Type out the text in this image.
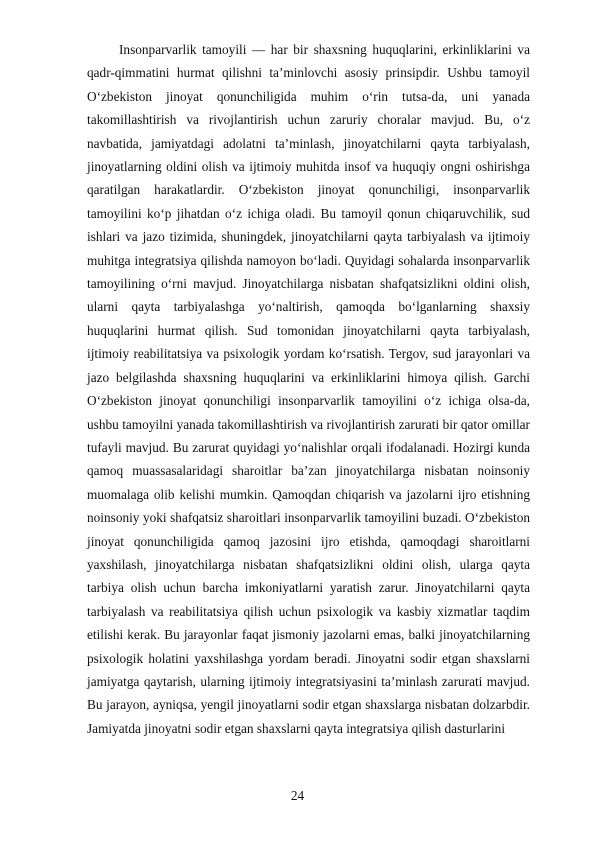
Insonparvarlik tamoyili — har bir shaxsning huquqlarini, erkinliklarini va qadr-qimmatini hurmat qilishni taʼminlovchi asosiy prinsipdir. Ushbu tamoyil Oʻzbekiston jinoyat qonunchiligida muhim oʻrin tutsa-da, uni yanada takomillashtirish va rivojlantirish uchun zaruriy choralar mavjud. Bu, oʻz navbatida, jamiyatdagi adolatni taʼminlash, jinoyatchilarni qayta tarbiyalash, jinoyatlarning oldini olish va ijtimoiy muhitda insof va huquqiy ongni oshirishga qaratilgan harakatlardir. Oʻzbekiston jinoyat qonunchiligi, insonparvarlik tamoyilini koʻp jihatdan oʻz ichiga oladi. Bu tamoyil qonun chiqaruvchilik, sud ishlari va jazo tizimida, shuningdek, jinoyatchilarni qayta tarbiyalash va ijtimoiy muhitga integratsiya qilishda namoyon boʻladi. Quyidagi sohalarda insonparvarlik tamoyilining oʻrni mavjud. Jinoyatchilarga nisbatan shafqatsizlikni oldini olish, ularni qayta tarbiyalashga yoʻnaltirish, qamoqda boʻlganlarning shaxsiy huquqlarini hurmat qilish. Sud tomonidan jinoyatchilarni qayta tarbiyalash, ijtimoiy reabilitatsiya va psixologik yordam koʻrsatish. Tergov, sud jarayonlari va jazo belgilashda shaxsning huquqlarini va erkinliklarini himoya qilish. Garchi Oʻzbekiston jinoyat qonunchiligi insonparvarlik tamoyilini oʻz ichiga olsa-da, ushbu tamoyilni yanada takomillashtirish va rivojlantirish zarurati bir qator omillar tufayli mavjud. Bu zarurat quyidagi yoʻnalishlar orqali ifodalanadi. Hozirgi kunda qamoq muassasalaridagi sharoitlar baʼzan jinoyatchilarga nisbatan noinsoniy muomalaga olib kelishi mumkin. Qamoqdan chiqarish va jazolarni ijro etishning noinsoniy yoki shafqatsiz sharoitlari insonparvarlik tamoyilini buzadi. Oʻzbekiston jinoyat qonunchiligida qamoq jazosini ijro etishda, qamoqdagi sharoitlarni yaxshilash, jinoyatchilarga nisbatan shafqatsizlikni oldini olish, ularga qayta tarbiya olish uchun barcha imkoniyatlarni yaratish zarur. Jinoyatchilarni qayta tarbiyalash va reabilitatsiya qilish uchun psixologik va kasbiy xizmatlar taqdim etilishi kerak. Bu jarayonlar faqat jismoniy jazolarni emas, balki jinoyatchilarning psixologik holatini yaxshilashga yordam beradi. Jinoyatni sodir etgan shaxslarni jamiyatga qaytarish, ularning ijtimoiy integratsiyasini taʼminlash zarurati mavjud. Bu jarayon, ayniqsa, yengil jinoyatlarni sodir etgan shaxslarga nisbatan dolzarbdir. Jamiyatda jinoyatni sodir etgan shaxslarni qayta integratsiya qilish dasturlarini

24
